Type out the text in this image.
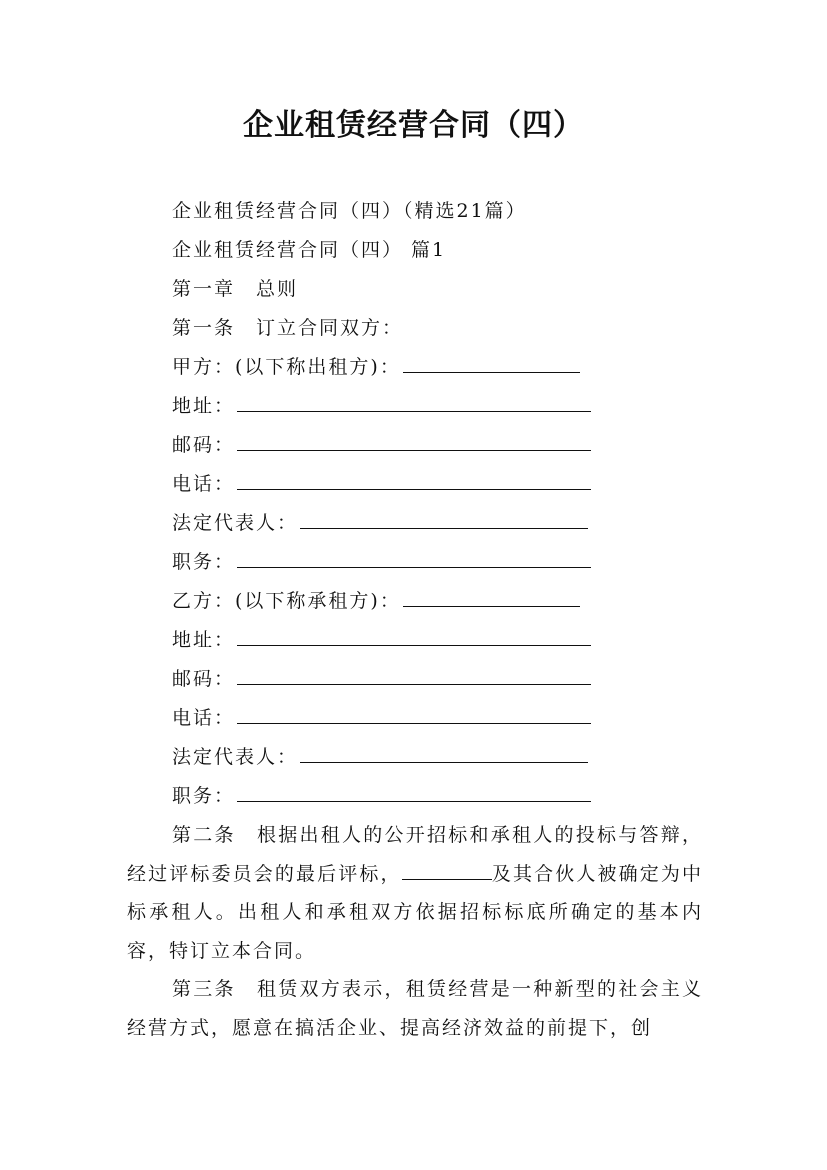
企业租赁经营合同（四）
企业租赁经营合同（四）（精选21篇）
企业租赁经营合同（四） 篇1
第一章　总则
第一条　订立合同双方：
甲方：(以下称出租方)：
地址：
邮码：
电话：
法定代表人：
职务：
乙方：(以下称承租方)：
地址：
邮码：
电话：
法定代表人：
职务：
第二条　根据出租人的公开招标和承租人的投标与答辩，经过评标委员会的最后评标，	及其合伙人被确定为中标承租人。出租人和承租双方依据招标标底所确定的基本内容，特订立本合同。
第三条　租赁双方表示，租赁经营是一种新型的社会主义经营方式，愿意在搞活企业、提高经济效益的前提下，创
